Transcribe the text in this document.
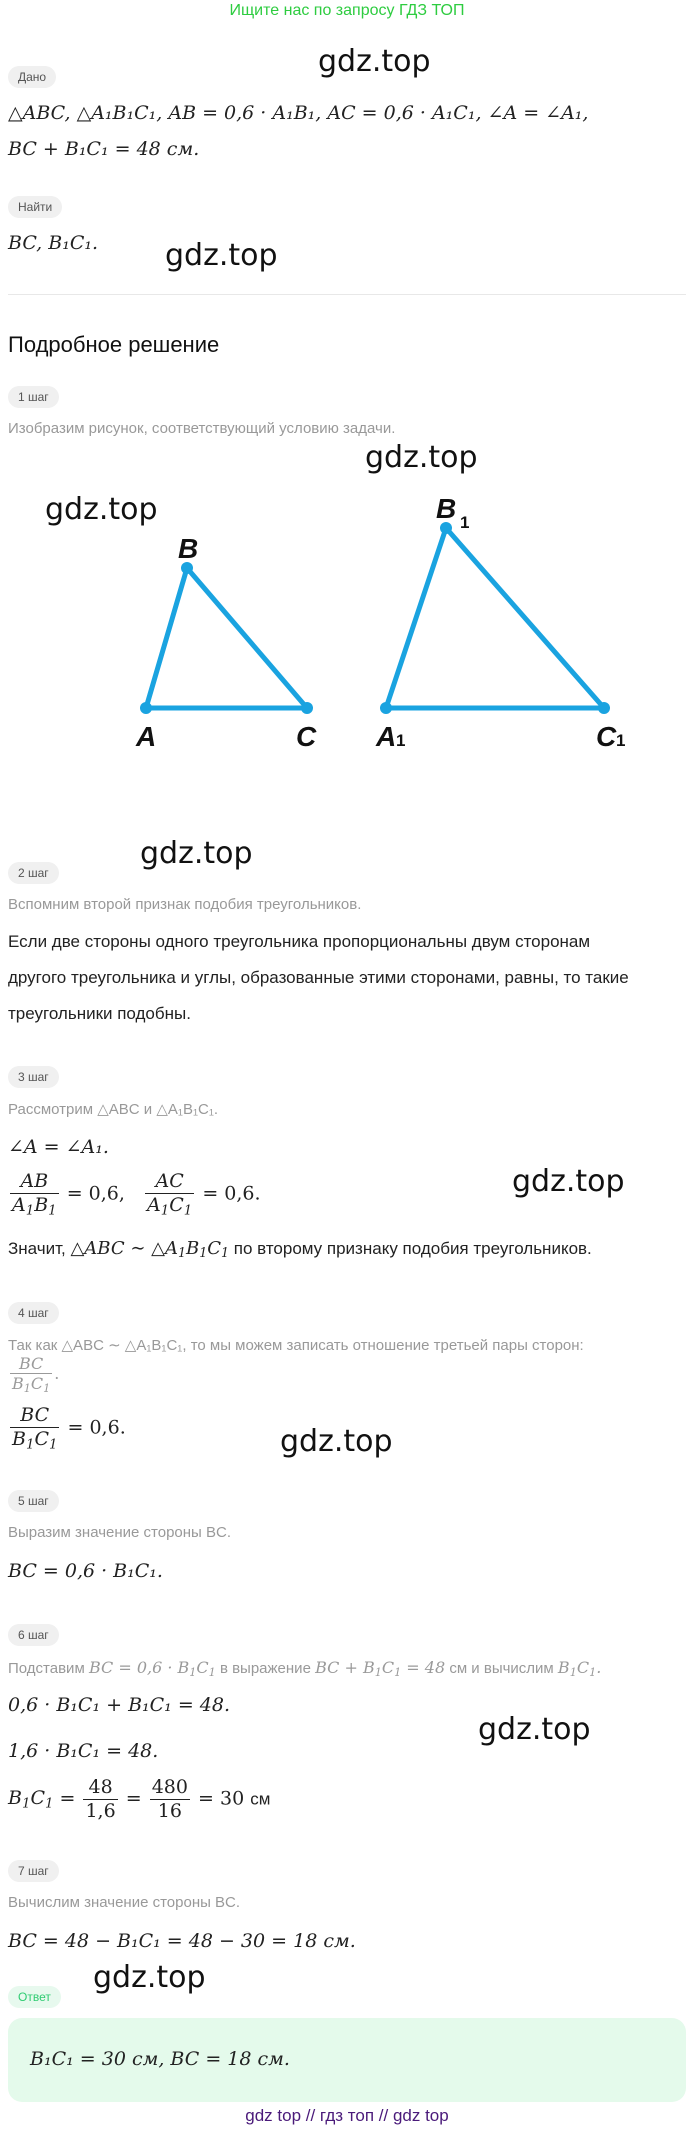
Ищите нас по запросу ГДЗ ТОП
gdz.top
gdz.top
gdz.top
gdz.top
gdz.top
gdz.top
gdz.top
gdz.top
gdz.top
Дано
△ABC, △A₁B₁C₁, AB = 0,6 · A₁B₁, AC = 0,6 · A₁C₁, ∠A = ∠A₁,
BC + B₁C₁ = 48 см.
Найти
BC, B₁C₁.
Подробное решение
1 шаг
Изобразим рисунок, соответствующий условию задачи.
B
A	C
B
A	C
1
1	1
2 шаг
Вспомним второй признак подобия треугольников.
Если две стороны одного треугольника пропорциональны двум сторонам
другого треугольника и углы, образованные этими сторонами, равны, то такие
треугольники подобны.
3 шаг
Рассмотрим △ABC и △A₁B₁C₁.
∠A = ∠A₁.
$\frac{AB}{A_1B_1} = 0,6$, $\frac{AC}{A_1C_1} = 0,6$.
Значит, △ABC ∼ $\triangle A_1B_1C_1$ по второму признаку подобия треугольников.
4 шаг
Так как △ABC ∼ △A₁B₁C₁, то мы можем записать отношение третьей пары сторон:
$\frac{BC}{B_1C_1}$ .
$\frac{BC}{B_1C_1} = 0,6$.
5 шаг
Выразим значение стороны BC.
BC = 0,6 · B₁C₁.
6 шаг
Подставим BC = $0,6 \cdot B_1C_1$ в выражение BC + $B_1C_1 = 48$ см и вычислим $B_1C_1$.
0,6 · B₁C₁ + B₁C₁ = 48.
1,6 · B₁C₁ = 48.
$B_1C_1 = \frac{48}{1,6} = \frac{480}{16} = 30$ см
7 шаг
Вычислим значение стороны BC.
BC = 48 − B₁C₁ = 48 − 30 = 18 см.
Ответ
B₁C₁ = 30 см, BC = 18 см.
gdz top // гдз топ // gdz top
